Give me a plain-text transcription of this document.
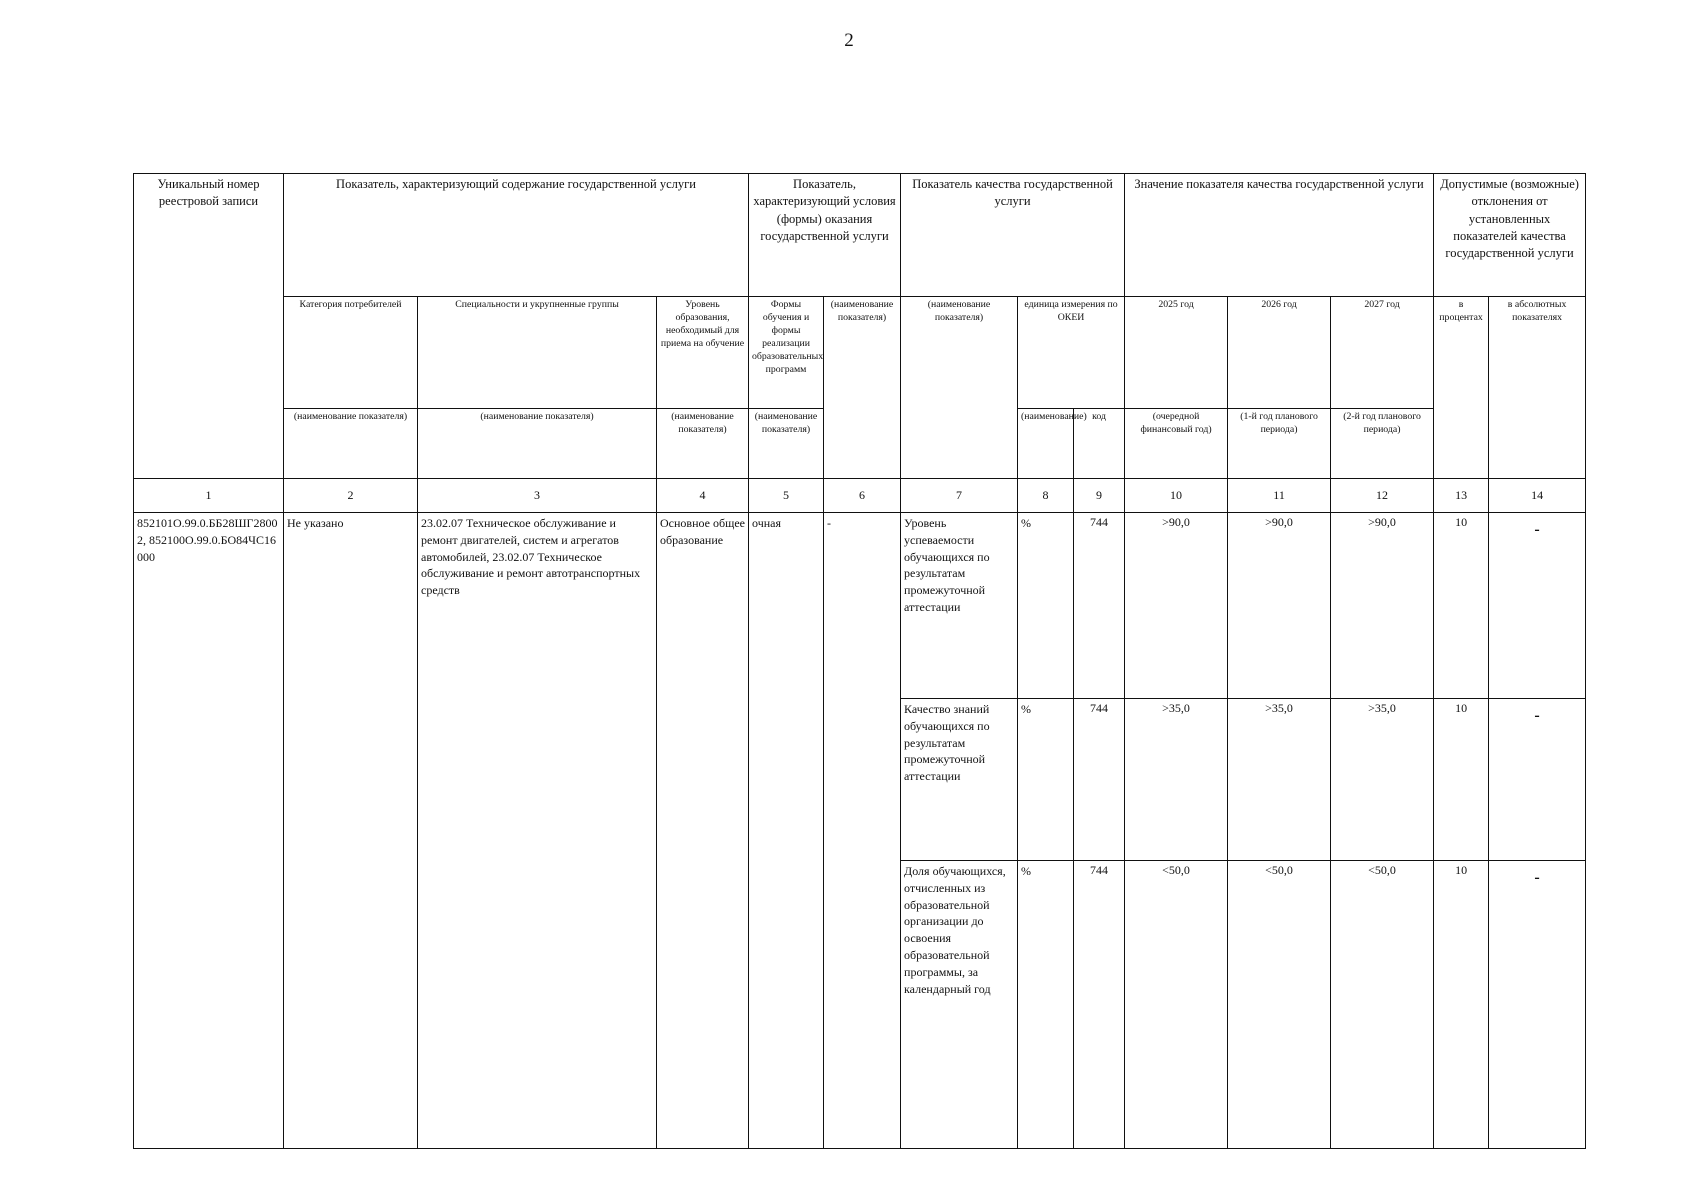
2
Уникальный номер реестровой записи	Показатель, характеризующий содержание государственной услуги			Показатель, характеризующий условия (формы) оказания государственной услуги		Показатель качества государственной услуги			Значение показателя качества государственной услуги			Допустимые (возможные) отклонения от установленных показателей качества государственной услуги	
	Категория потребителей	Специальности и укрупненные группы	Уровень образования, необходимый для приема на обучение	Формы обучения и формы реализации образовательных программ	(наименование показателя)	(наименование показателя)	единица измерения по ОКЕИ		2025 год	2026 год	2027 год	в процентах	в абсолютных показателях
	(наименование показателя)	(наименование показателя)	(наименование показателя)	(наименование показателя)			(наименование)	код	(очередной финансовый год)	(1-й год планового периода)	(2-й год планового периода)		
1	2	3	4	5	6	7	8	9	10	11	12	13	14
852101О.99.0.ББ28ШГ28002, 852100О.99.0.БО84ЧС16000	Не указано	23.02.07 Техническое обслуживание и ремонт двигателей, систем и агрегатов автомобилей, 23.02.07 Техническое обслуживание и ремонт автотранспортных средств	Основное общее образование	очная	-	Уровень успеваемости обучающихся по результатам промежуточной аттестации	%	744	>90,0	>90,0	>90,0	10	-
						Качество знаний обучающихся по результатам промежуточной аттестации	%	744	>35,0	>35,0	>35,0	10	-
						Доля обучающихся, отчисленных из образовательной организации до освоения образовательной программы, за календарный год	%	744	<50,0	<50,0	<50,0	10	-
